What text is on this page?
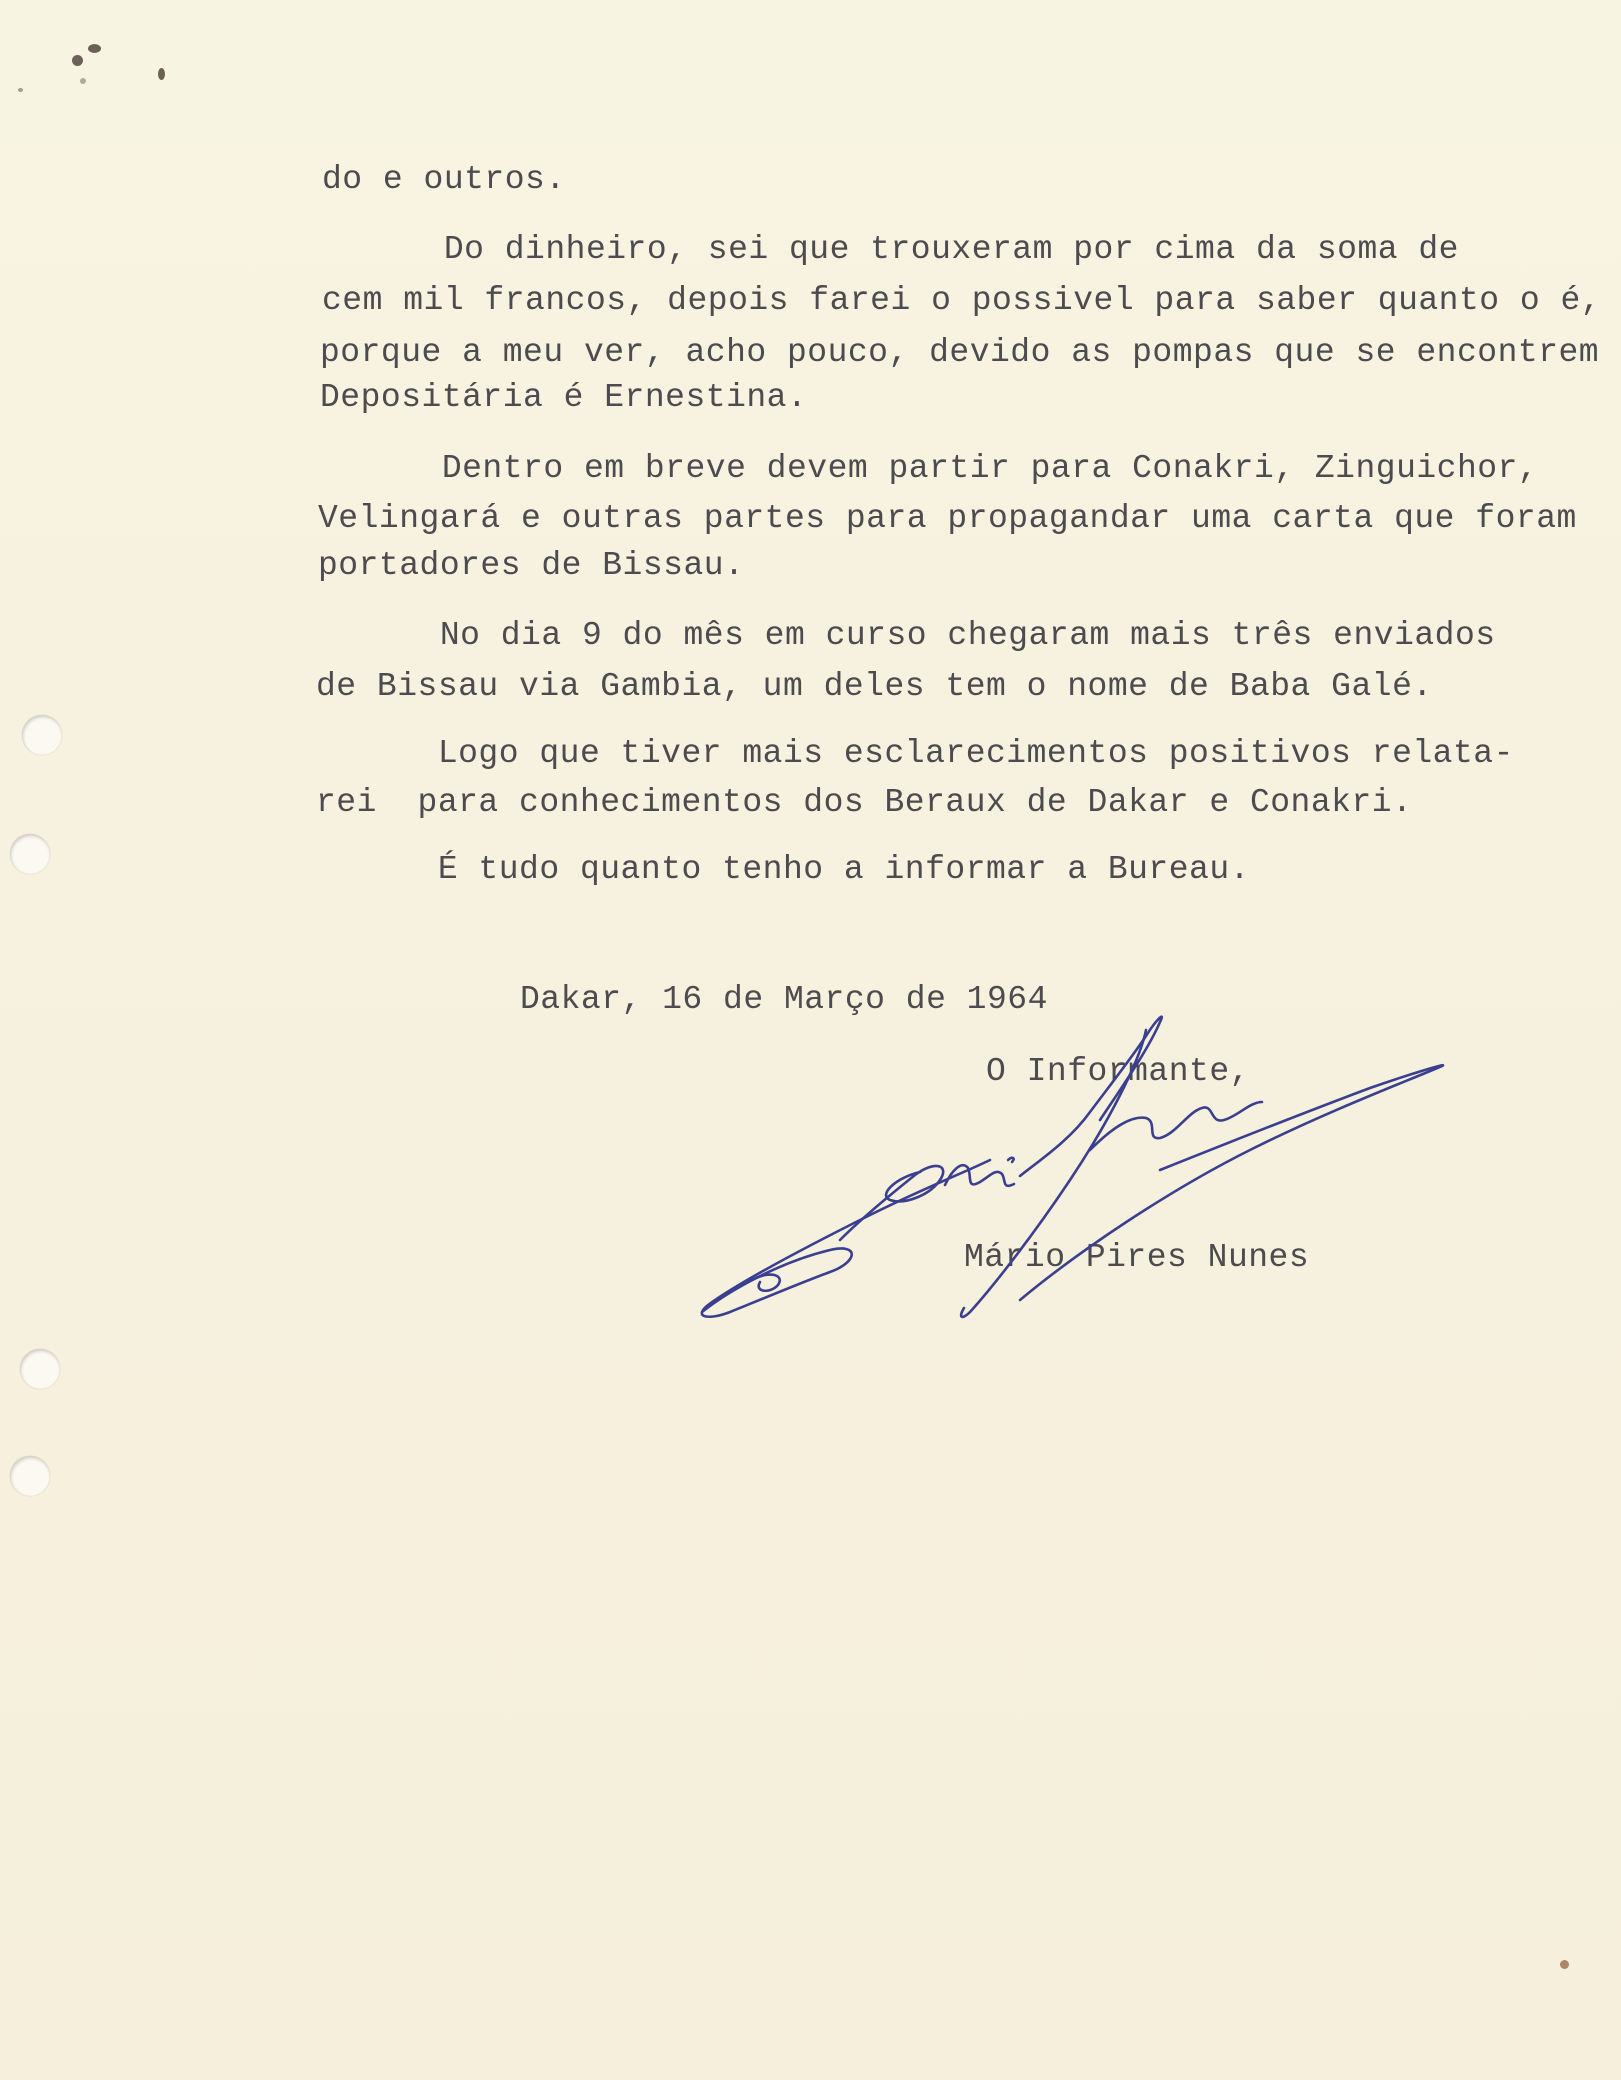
do e outros.
Do dinheiro, sei que trouxeram por cima da soma de
cem mil francos, depois farei o possivel para saber quanto o é,
porque a meu ver, acho pouco, devido as pompas que se encontrem
Depositária é Ernestina.
Dentro em breve devem partir para Conakri, Zinguichor,
Velingará e outras partes para propagandar uma carta que foram
portadores de Bissau.
No dia 9 do mês em curso chegaram mais três enviados
de Bissau via Gambia, um deles tem o nome de Baba Galé.
Logo que tiver mais esclarecimentos positivos relata-
rei  para conhecimentos dos Beraux de Dakar e Conakri.
É tudo quanto tenho a informar a Bureau.
Dakar, 16 de Março de 1964
O Informante,
Mário Pires Nunes
